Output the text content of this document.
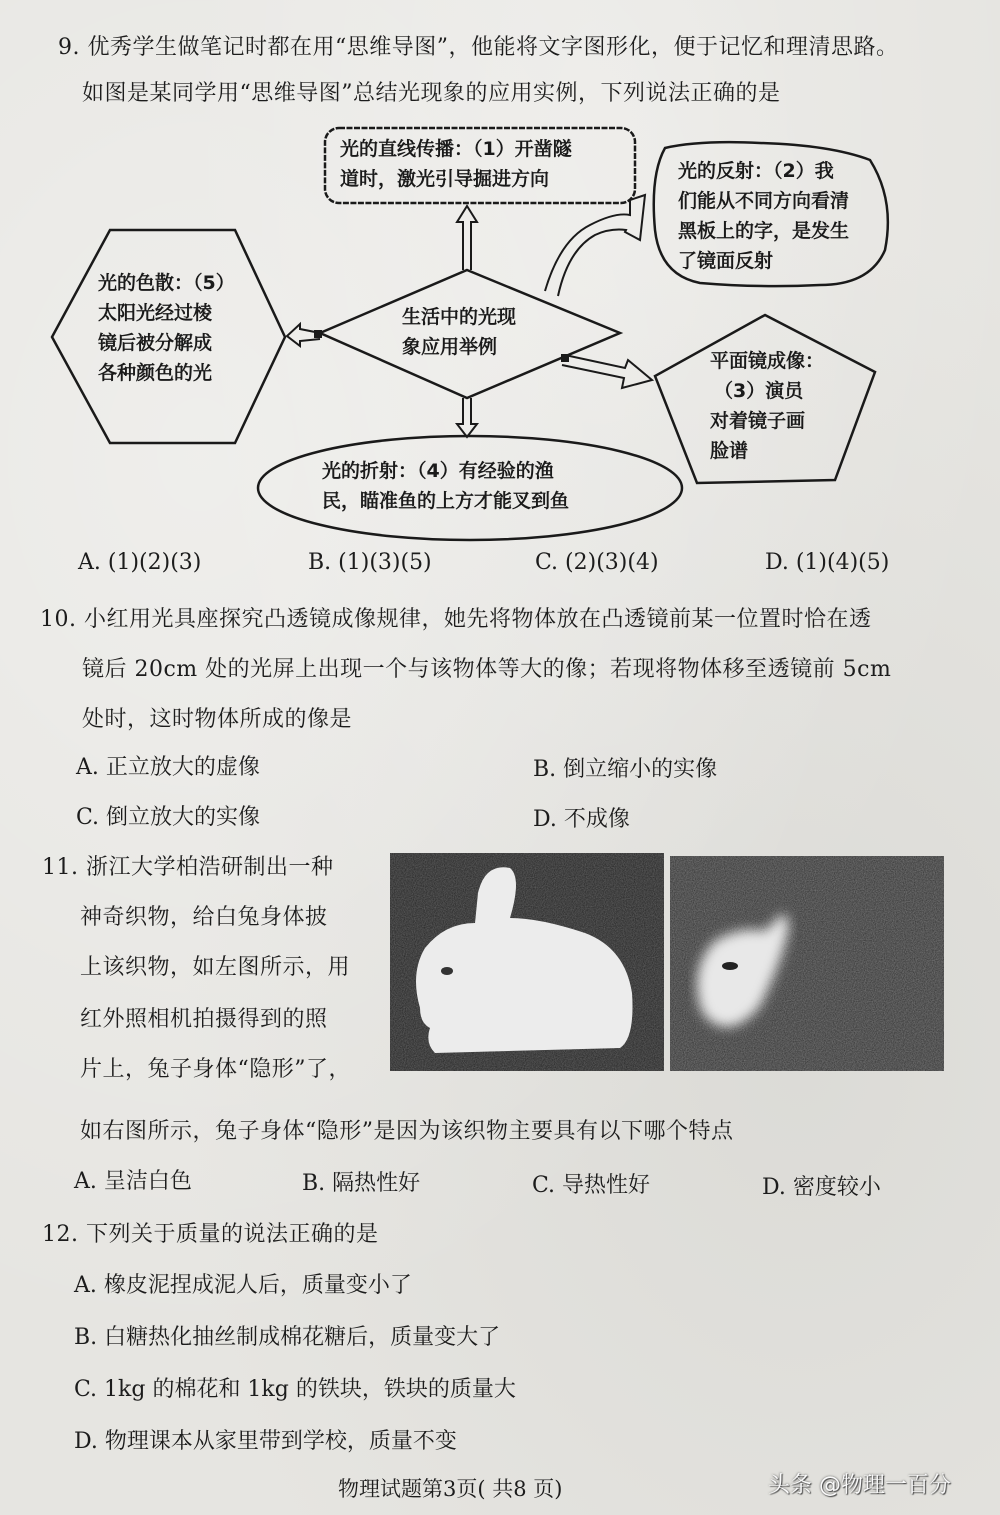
9. 优秀学生做笔记时都在用“思维导图”，他能将文字图形化，便于记忆和理清思路。
如图是某同学用“思维导图”总结光现象的应用实例，下列说法正确的是
光的直线传播：（1）开凿隧
道时，激光引导掘进方向	光的反射：（2）我
们能从不同方向看清
黑板上的字，是发生
了镜面反射
光的色散：（5）
太阳光经过棱
镜后被分解成
各种颜色的光
生活中的光现
象应用举例
平面镜成像：
（3）演员
对着镜子画
脸谱
光的折射：（4）有经验的渔
民，瞄准鱼的上方才能叉到鱼
A. (1)(2)(3)	B. (1)(3)(5)	C. (2)(3)(4)	D. (1)(4)(5)
10. 小红用光具座探究凸透镜成像规律，她先将物体放在凸透镜前某一位置时恰在透
镜后 20cm 处的光屏上出现一个与该物体等大的像；若现将物体移至透镜前 5cm
处时，这时物体所成的像是
A. 正立放大的虚像	B. 倒立缩小的实像
C. 倒立放大的实像	D. 不成像
11. 浙江大学柏浩研制出一种
神奇织物，给白兔身体披
上该织物，如左图所示，用
红外照相机拍摄得到的照
片上，兔子身体“隐形”了，
如右图所示，兔子身体“隐形”是因为该织物主要具有以下哪个特点
A. 呈洁白色	B. 隔热性好	C. 导热性好	D. 密度较小
12. 下列关于质量的说法正确的是
A. 橡皮泥捏成泥人后，质量变小了
B. 白糖热化抽丝制成棉花糖后，质量变大了
C. 1kg 的棉花和 1kg 的铁块，铁块的质量大
D. 物理课本从家里带到学校，质量不变
物理试题第3页( 共8 页)	头条 @物理一百分
